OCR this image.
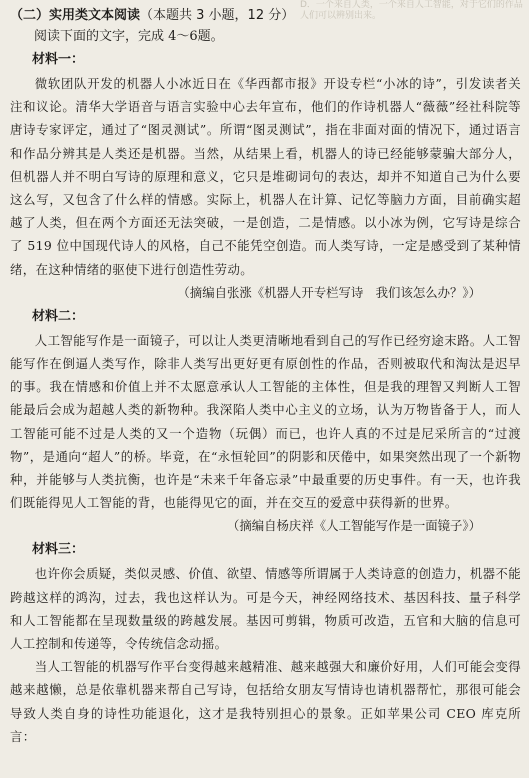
D．一个来自人类，一个来自人工智能，对于它们的作品人们可以辨别出来。

（二）实用类文本阅读（本题共 3 小题，12 分）

阅读下面的文字，完成 4～6题。

材料一：

微软团队开发的机器人小冰近日在《华西都市报》开设专栏“小冰的诗”，引发读者关注和议论。清华大学语音与语言实验中心去年宣布，他们的作诗机器人“薇薇”经社科院等唐诗专家评定，通过了“图灵测试”。所谓“图灵测试”，指在非面对面的情况下，通过语言和作品分辨其是人类还是机器。当然，从结果上看，机器人的诗已经能够蒙骗大部分人，但机器人并不明白写诗的原理和意义，它只是堆砌词句的表达，却并不知道自己为什么要这么写，又包含了什么样的情感。实际上，机器人在计算、记忆等脑力方面，目前确实超越了人类，但在两个方面还无法突破，一是创造，二是情感。以小冰为例，它写诗是综合了 519 位中国现代诗人的风格，自己不能凭空创造。而人类写诗，一定是感受到了某种情绪，在这种情绪的驱使下进行创造性劳动。

（摘编自张涨《机器人开专栏写诗　我们该怎么办？》）

材料二：

人工智能写作是一面镜子，可以让人类更清晰地看到自己的写作已经穷途末路。人工智能写作在倒逼人类写作，除非人类写出更好更有原创性的作品，否则被取代和淘汰是迟早的事。我在情感和价值上并不太愿意承认人工智能的主体性，但是我的理智又判断人工智能最后会成为超越人类的新物种。我深陷人类中心主义的立场，认为万物皆备于人，而人工智能可能不过是人类的又一个造物（玩偶）而已，也许人真的不过是尼采所言的“过渡物”，是通向“超人”的桥。毕竟，在“永恒轮回”的阴影和厌倦中，如果突然出现了一个新物种，并能够与人类抗衡，也许是“未来千年备忘录”中最重要的历史事件。有一天，也许我们既能得见人工智能的背，也能得见它的面，并在交互的爱意中获得新的世界。

（摘编自杨庆祥《人工智能写作是一面镜子》）

材料三：

也许你会质疑，类似灵感、价值、欲望、情感等所谓属于人类诗意的创造力，机器不能跨越这样的鸿沟，过去，我也这样认为。可是今天，神经网络技术、基因科技、量子科学和人工智能都在呈现数量级的跨越发展。基因可剪辑，物质可改造，五官和大脑的信息可人工控制和传递等，令传统信念动摇。

当人工智能的机器写作平台变得越来越精准、越来越强大和廉价好用，人们可能会变得越来越懒，总是依靠机器来帮自己写诗，包括给女朋友写情诗也请机器帮忙，那很可能会导致人类自身的诗性功能退化，这才是我特别担心的景象。正如苹果公司 CEO 库克所言：
